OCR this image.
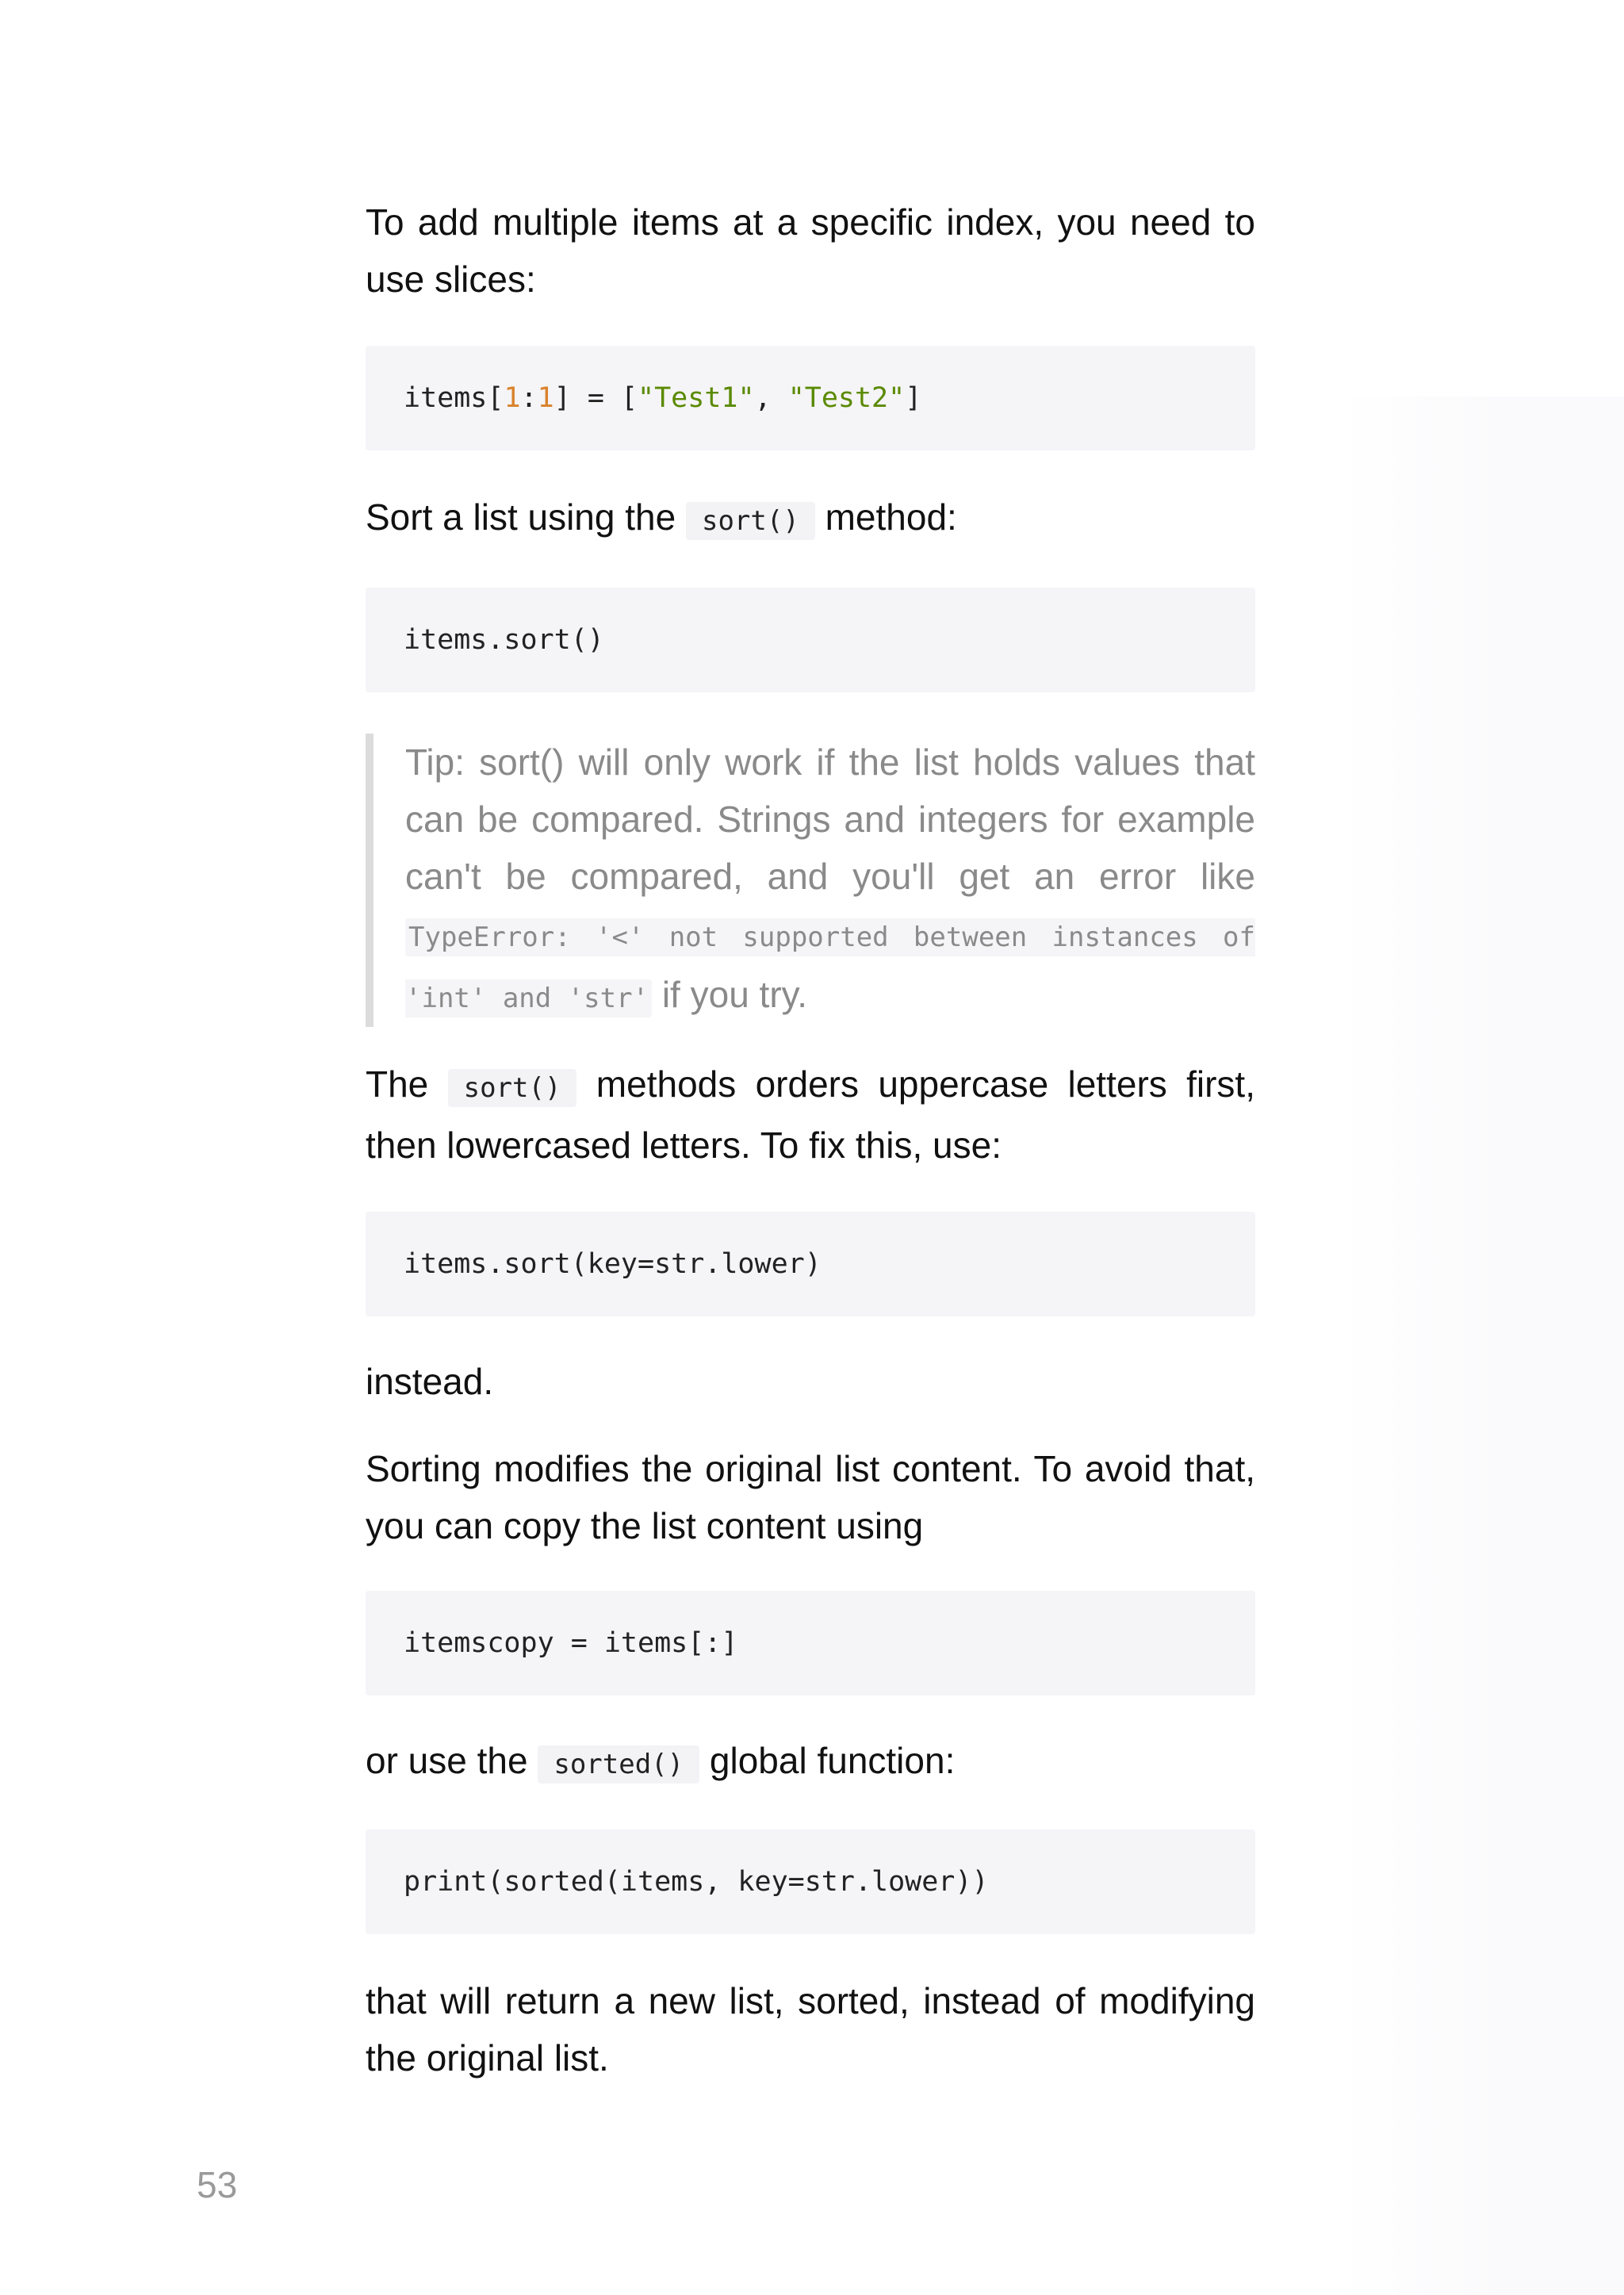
To add multiple items at a specific index, you need to use slices:

items[1:1] = ["Test1", "Test2"]

Sort a list using the sort() method:

items.sort()

Tip: sort() will only work if the list holds values that can be compared. Strings and integers for example can't be compared, and you'll get an error like TypeError: '<' not supported between instances of 'int' and 'str' if you try.

The sort() methods orders uppercase letters first, then lowercased letters. To fix this, use:

items.sort(key=str.lower)

instead.

Sorting modifies the original list content. To avoid that, you can copy the list content using

itemscopy = items[:]

or use the sorted() global function:

print(sorted(items, key=str.lower))

that will return a new list, sorted, instead of modifying the original list.

53
